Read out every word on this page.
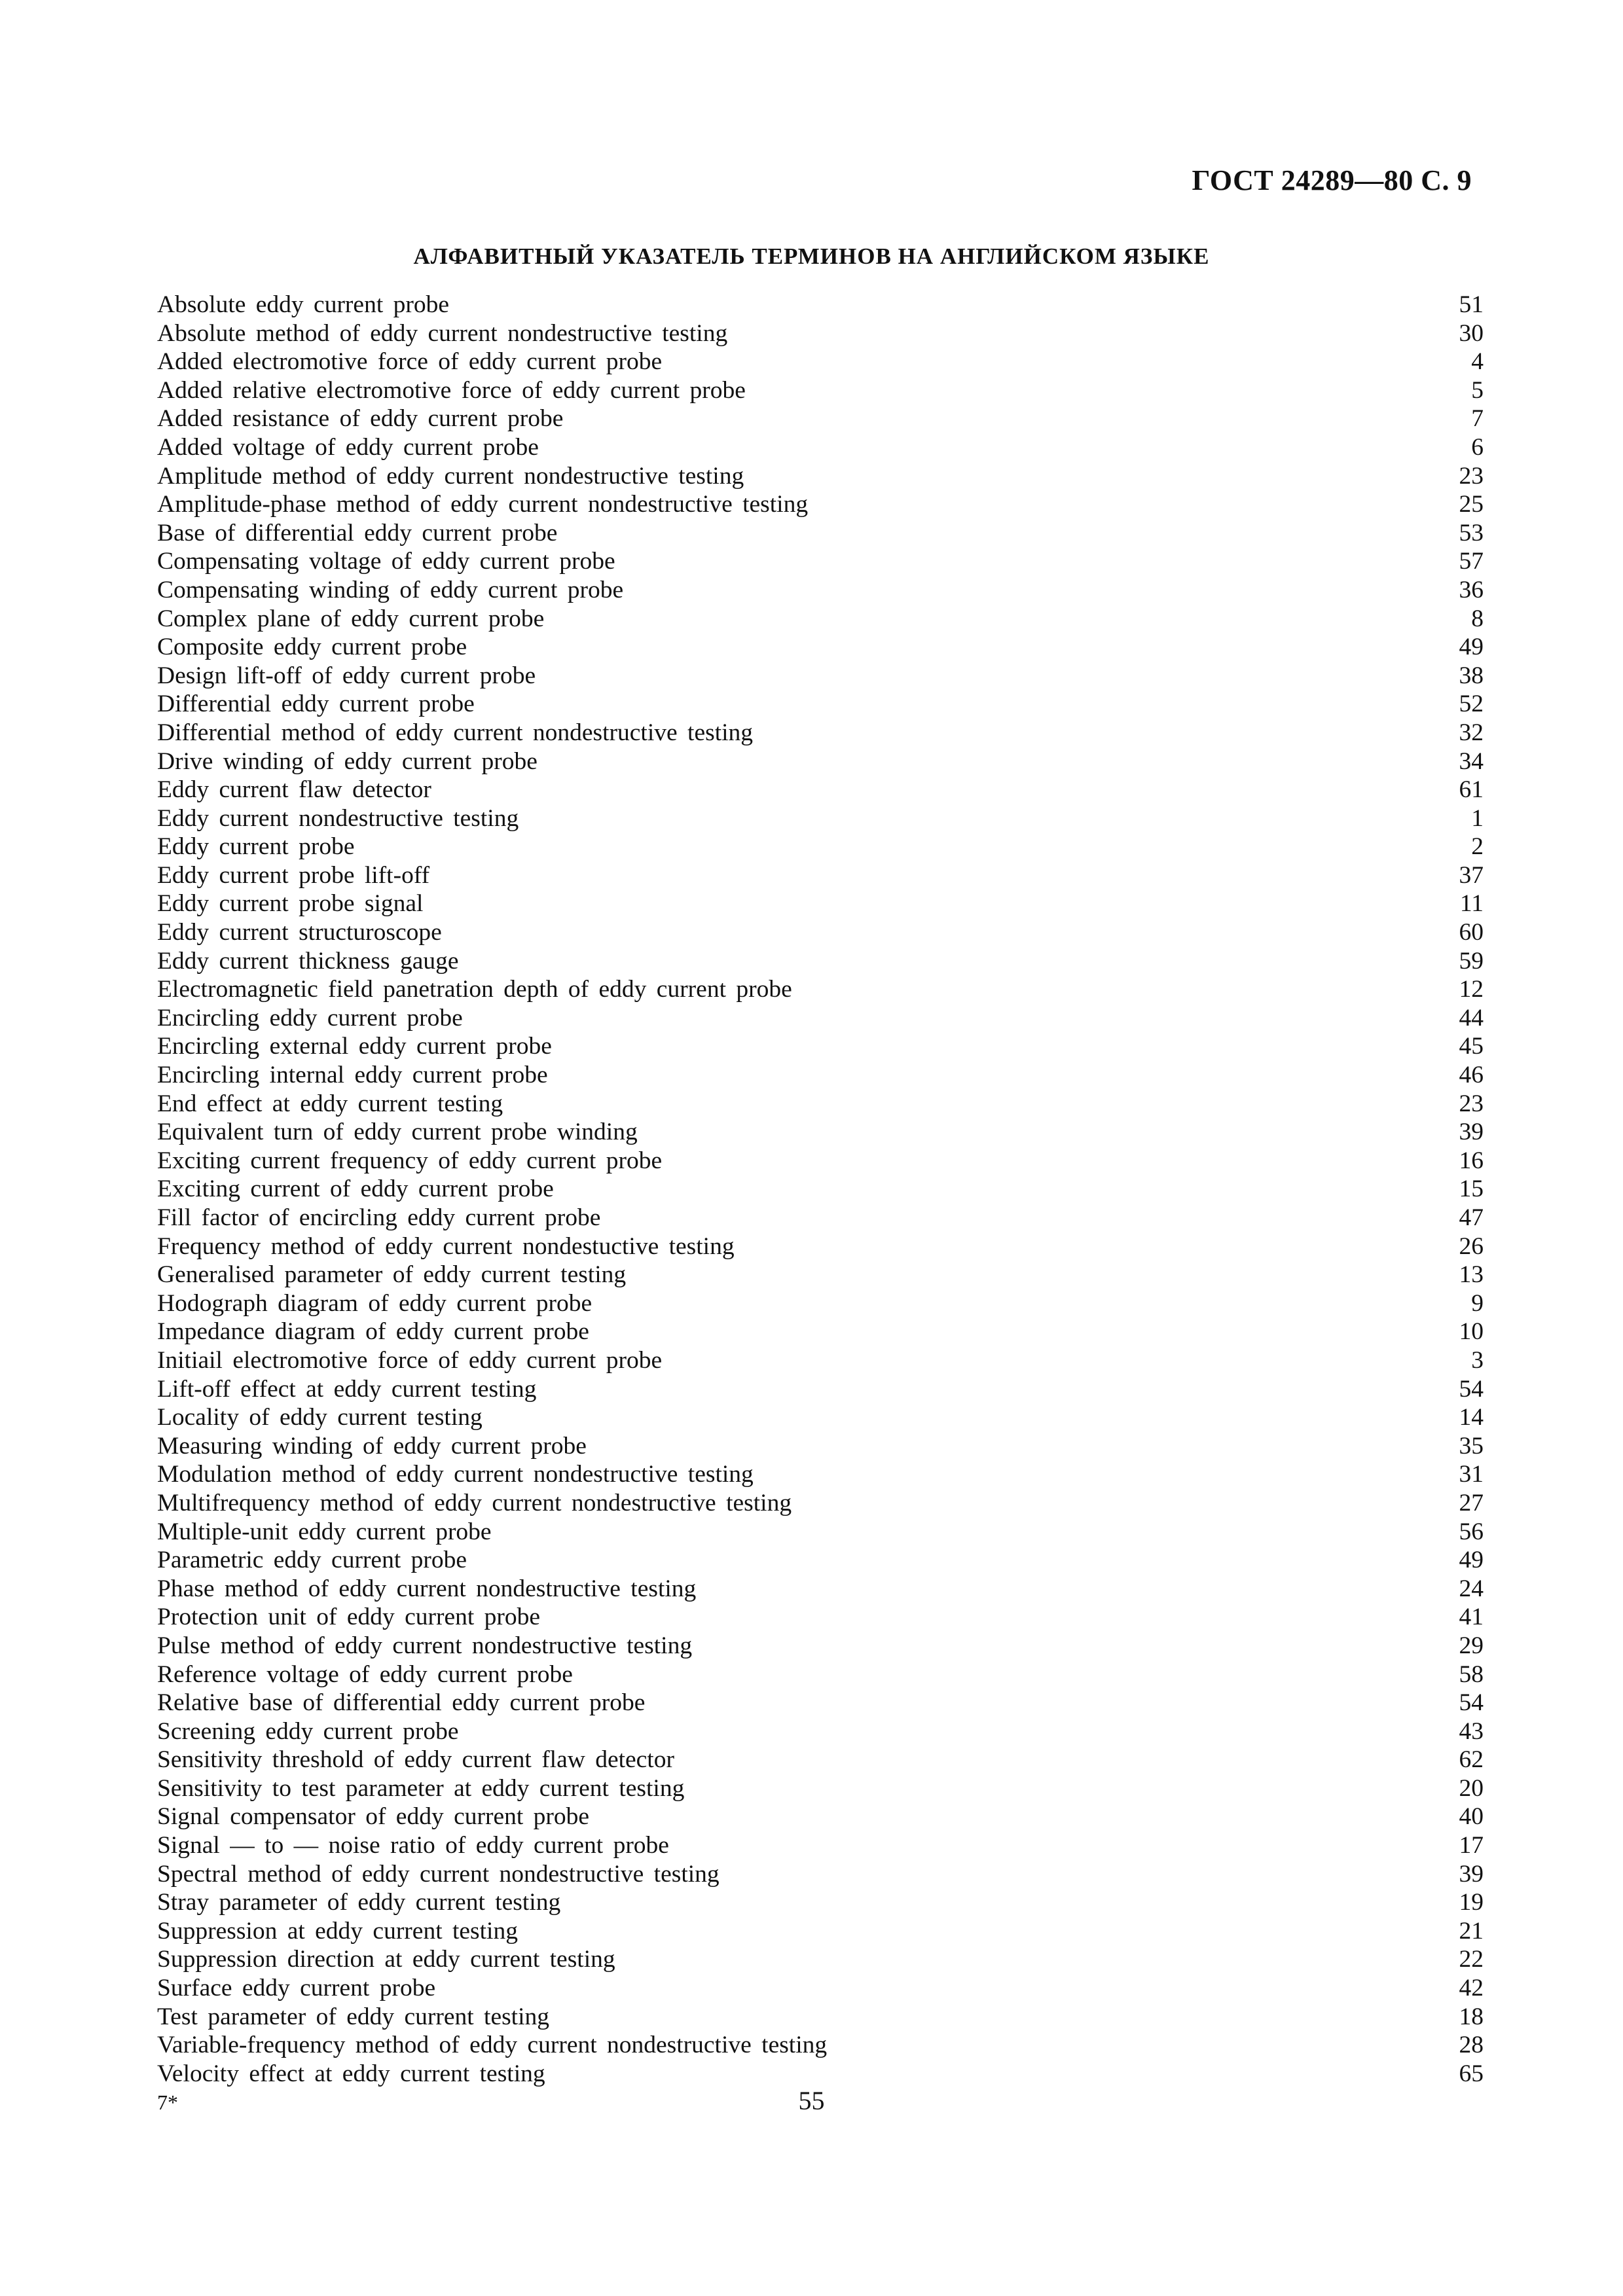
ГОСТ 24289—80 С. 9
АЛФАВИТНЫЙ УКАЗАТЕЛЬ ТЕРМИНОВ НА АНГЛИЙСКОМ ЯЗЫКЕ
Absolute eddy current probe	51
Absolute method of eddy current nondestructive testing	30
Added electromotive force of eddy current probe	4
Added relative electromotive force of eddy current probe	5
Added resistance of eddy current probe	7
Added voltage of eddy current probe	6
Amplitude method of eddy current nondestructive testing	23
Amplitude-phase method of eddy current nondestructive testing	25
Base of differential eddy current probe	53
Compensating voltage of eddy current probe	57
Compensating winding of eddy current probe	36
Complex plane of eddy current probe	8
Composite eddy current probe	49
Design lift-off of eddy current probe	38
Differential eddy current probe	52
Differential method of eddy current nondestructive testing	32
Drive winding of eddy current probe	34
Eddy current flaw detector	61
Eddy current nondestructive testing	1
Eddy current probe	2
Eddy current probe lift-off	37
Eddy current probe signal	11
Eddy current structuroscope	60
Eddy current thickness gauge	59
Electromagnetic field panetration depth of eddy current probe	12
Encircling eddy current probe	44
Encircling external eddy current probe	45
Encircling internal eddy current probe	46
End effect at eddy current testing	23
Equivalent turn of eddy current probe winding	39
Exciting current frequency of eddy current probe	16
Exciting current of eddy current probe	15
Fill factor of encircling eddy current probe	47
Frequency method of eddy current nondestuctive testing	26
Generalised parameter of eddy current testing	13
Hodograph diagram of eddy current probe	9
Impedance diagram of eddy current probe	10
Initiail electromotive force of eddy current probe	3
Lift-off effect at eddy current testing	54
Locality of eddy current testing	14
Measuring winding of eddy current probe	35
Modulation method of eddy current nondestructive testing	31
Multifrequency method of eddy current nondestructive testing	27
Multiple-unit eddy current probe	56
Parametric eddy current probe	49
Phase method of eddy current nondestructive testing	24
Protection unit of eddy current probe	41
Pulse method of eddy current nondestructive testing	29
Reference voltage of eddy current probe	58
Relative base of differential eddy current probe	54
Screening eddy current probe	43
Sensitivity threshold of eddy current flaw detector	62
Sensitivity to test parameter at eddy current testing	20
Signal compensator of eddy current probe	40
Signal — to — noise ratio of eddy current probe	17
Spectral method of eddy current nondestructive testing	39
Stray parameter of eddy current testing	19
Suppression at eddy current testing	21
Suppression direction at eddy current testing	22
Surface eddy current probe	42
Test parameter of eddy current testing	18
Variable-frequency method of eddy current nondestructive testing	28
Velocity effect at eddy current testing	65
7*	55
